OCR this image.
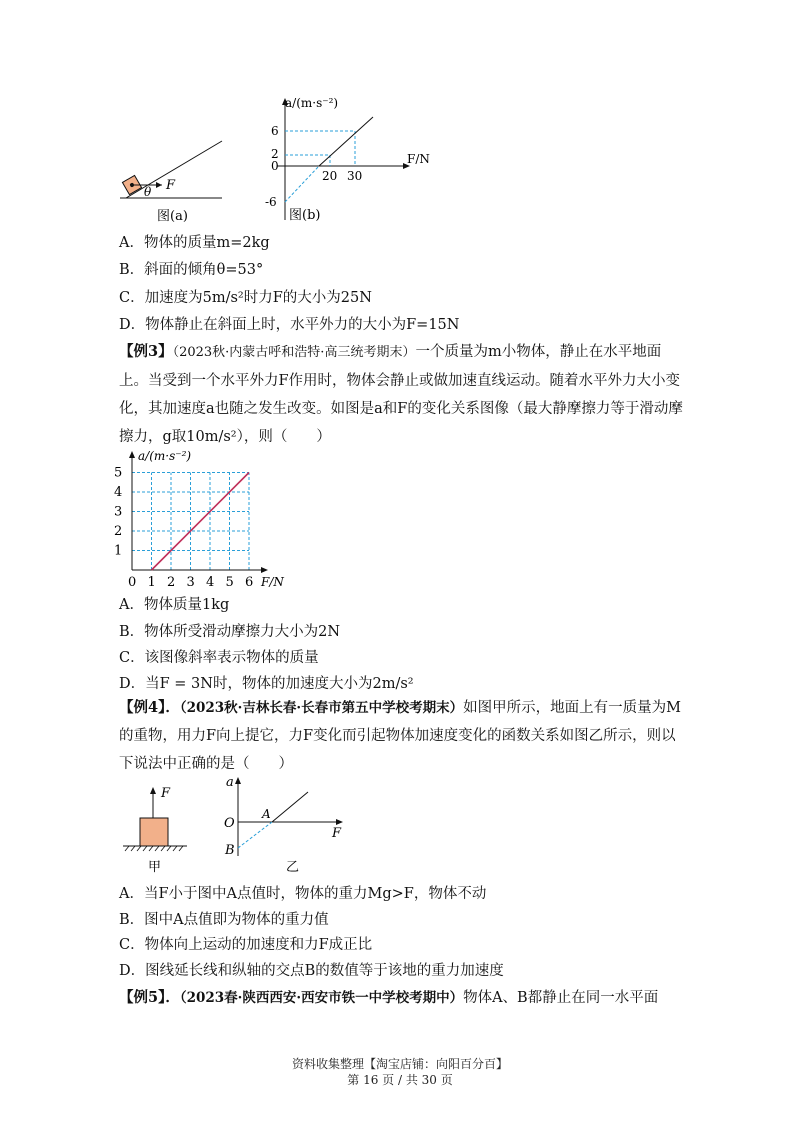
F
θ
图(a)
a/(m·s⁻²)
F/N
6
2
0
-6
20 30
图(b)
A．物体的质量m=2kg
B．斜面的倾角θ=53°
C．加速度为5m/s²时力F的大小为25N
D．物体静止在斜面上时，水平外力的大小为F=15N
【例3】（2023秋·内蒙古呼和浩特·高三统考期末）一个质量为m小物体，静止在水平地面上。当受到一个水平外力F作用时，物体会静止或做加速直线运动。随着水平外力大小变化，其加速度a也随之发生改变。如图是a和F的变化关系图像（最大静摩擦力等于滑动摩擦力，g取10m/s²），则（　　）
0 1 2 3 4 5 6
1
2
3
4
5
a/(m·s⁻²)
F/N
A．物体质量1kg
B．物体所受滑动摩擦力大小为2N
C．该图像斜率表示物体的质量
D．当F = 3N时，物体的加速度大小为2m/s²
【例4】．（2023秋·吉林长春·长春市第五中学校考期末）如图甲所示，地面上有一质量为M的重物，用力F向上提它，力F变化而引起物体加速度变化的函数关系如图乙所示，则以下说法中正确的是（　　）
F
甲
a
O
A
B
F
乙
A．当F小于图中A点值时，物体的重力Mg>F，物体不动
B．图中A点值即为物体的重力值
C．物体向上运动的加速度和力F成正比
D．图线延长线和纵轴的交点B的数值等于该地的重力加速度
【例5】．（2023春·陕西西安·西安市铁一中学校考期中）物体A、B都静止在同一水平面
资料收集整理【淘宝店铺：向阳百分百】
第 16 页 / 共 30 页
